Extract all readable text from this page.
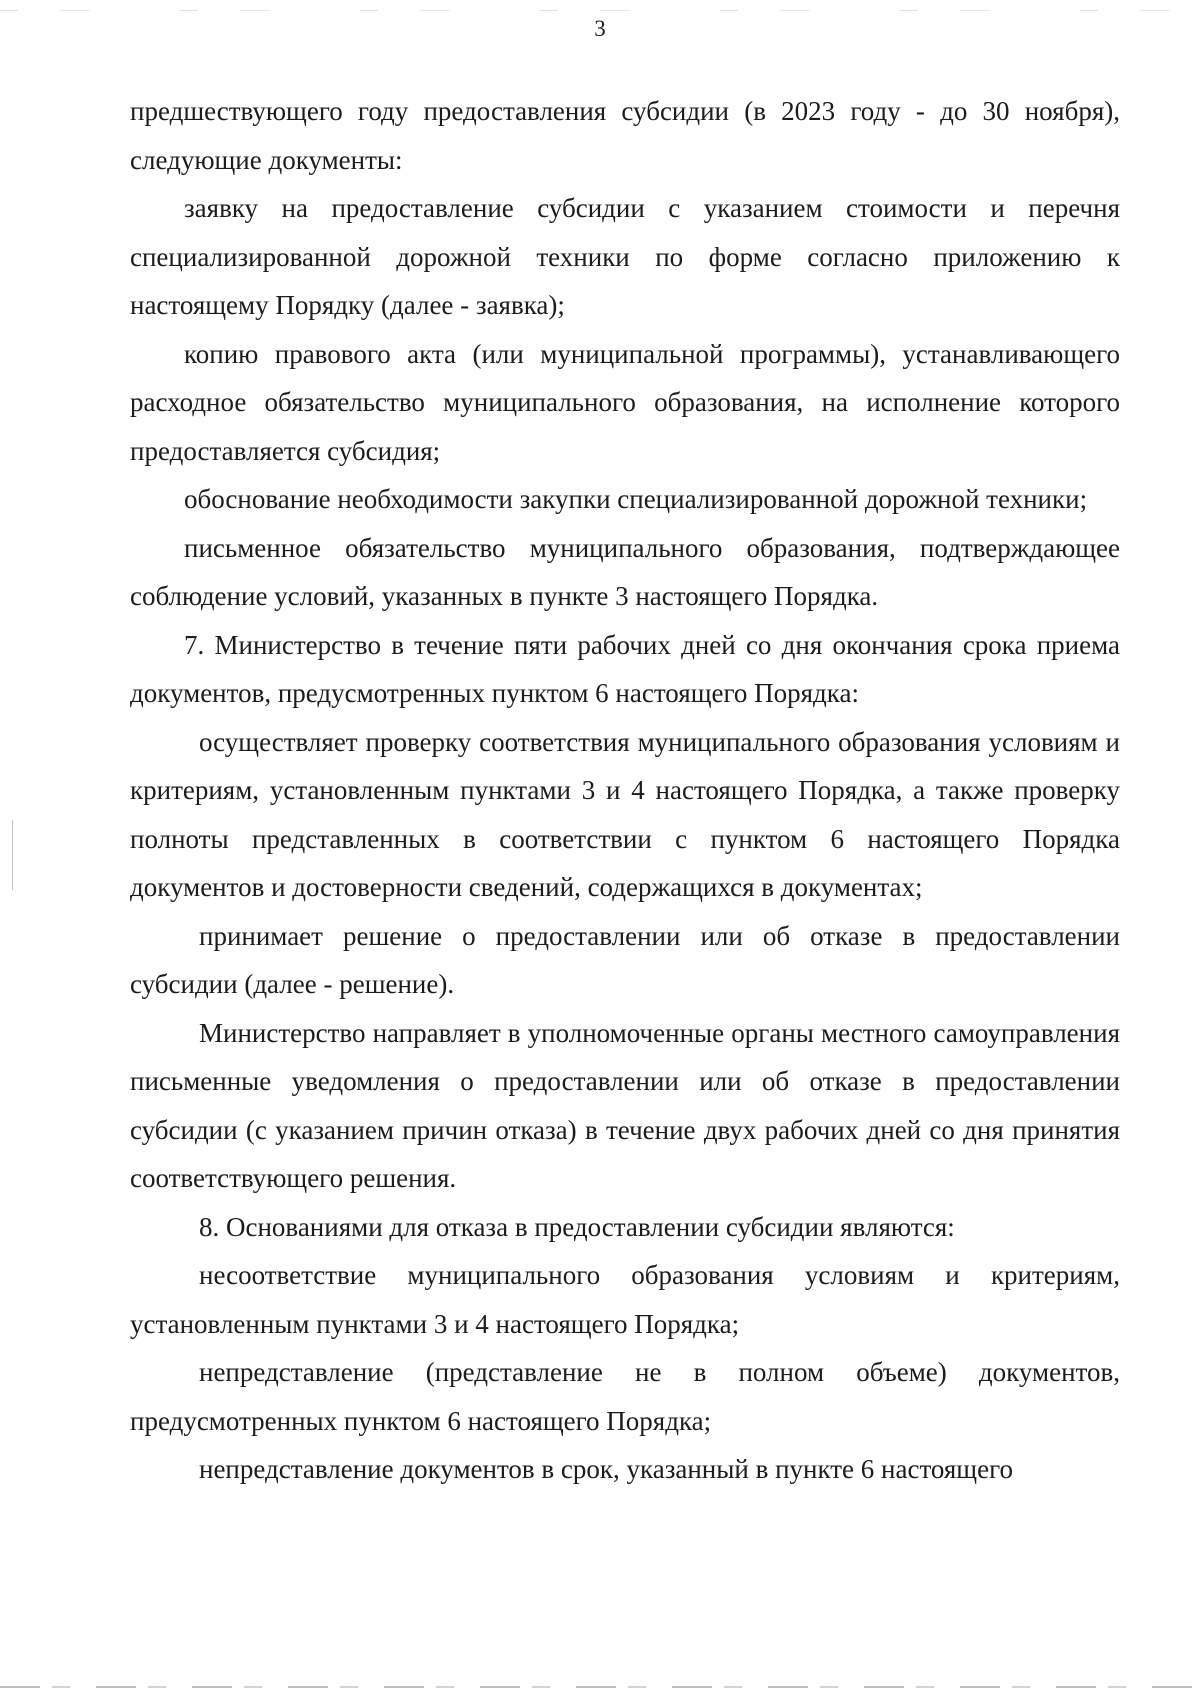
3

предшествующего году предоставления субсидии (в 2023 году - до 30 ноября), следующие документы:

заявку на предоставление субсидии с указанием стоимости и перечня специализированной дорожной техники по форме согласно приложению к настоящему Порядку (далее - заявка);

копию правового акта (или муниципальной программы), устанавливающего расходное обязательство муниципального образования, на исполнение которого предоставляется субсидия;

обоснование необходимости закупки специализированной дорожной техники;

письменное обязательство муниципального образования, подтверждающее соблюдение условий, указанных в пункте 3 настоящего Порядка.

7. Министерство в течение пяти рабочих дней со дня окончания срока приема документов, предусмотренных пунктом 6 настоящего Порядка:

осуществляет проверку соответствия муниципального образования условиям и критериям, установленным пунктами 3 и 4 настоящего Порядка, а также проверку полноты представленных в соответствии с пунктом 6 настоящего Порядка документов и достоверности сведений, содержащихся в документах;

принимает решение о предоставлении или об отказе в предоставлении субсидии (далее - решение).

Министерство направляет в уполномоченные органы местного самоуправления письменные уведомления о предоставлении или об отказе в предоставлении субсидии (с указанием причин отказа) в течение двух рабочих дней со дня принятия соответствующего решения.

8. Основаниями для отказа в предоставлении субсидии являются:

несоответствие муниципального образования условиям и критериям, установленным пунктами 3 и 4 настоящего Порядка;

непредставление (представление не в полном объеме) документов, предусмотренных пунктом 6 настоящего Порядка;

непредставление документов в срок, указанный в пункте 6 настоящего
